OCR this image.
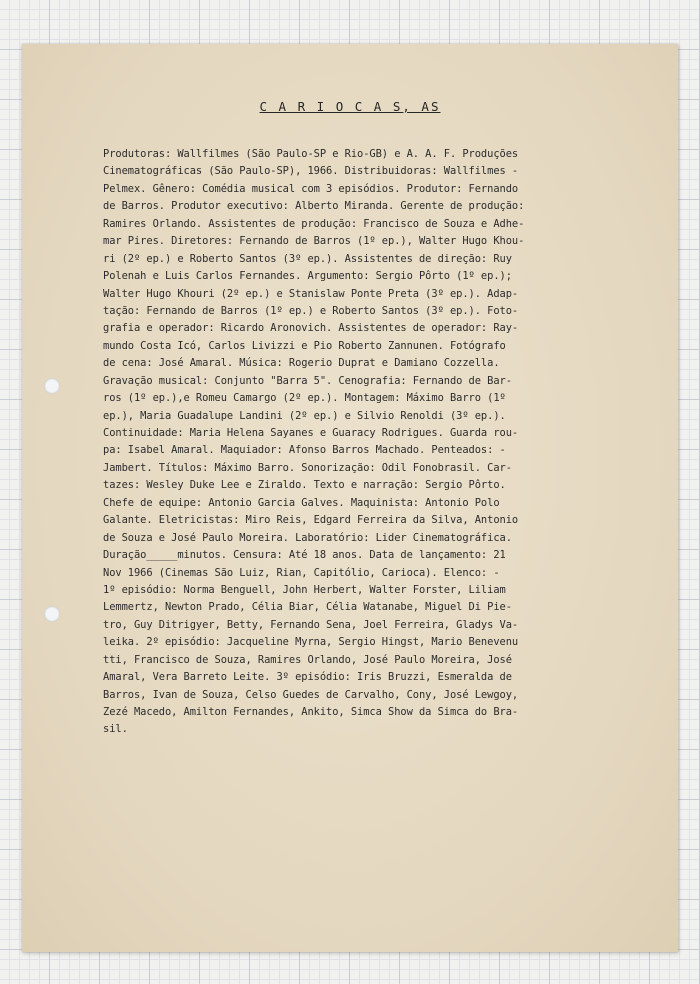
C A R I O C A S, AS
Produtoras: Wallfilmes (São Paulo-SP e Rio-GB) e A. A. F. Produções
Cinematográficas (São Paulo-SP), 1966. Distribuidoras: Wallfilmes -
Pelmex. Gênero: Comédia musical com 3 episódios. Produtor: Fernando
de Barros. Produtor executivo: Alberto Miranda. Gerente de produção:
Ramires Orlando. Assistentes de produção: Francisco de Souza e Adhe-
mar Pires. Diretores: Fernando de Barros (1º ep.), Walter Hugo Khou-
ri (2º ep.) e Roberto Santos (3º ep.). Assistentes de direção: Ruy
Polenah e Luis Carlos Fernandes. Argumento: Sergio Pôrto (1º ep.);
Walter Hugo Khouri (2º ep.) e Stanislaw Ponte Preta (3º ep.). Adap-
tação: Fernando de Barros (1º ep.) e Roberto Santos (3º ep.). Foto-
grafia e operador: Ricardo Aronovich. Assistentes de operador: Ray-
mundo Costa Icó, Carlos Livizzi e Pio Roberto Zannunen. Fotógrafo
de cena: José Amaral. Música: Rogerio Duprat e Damiano Cozzella.
Gravação musical: Conjunto "Barra 5". Cenografia: Fernando de Bar-
ros (1º ep.),e Romeu Camargo (2º ep.). Montagem: Máximo Barro (1º
ep.), Maria Guadalupe Landini (2º ep.) e Silvio Renoldi (3º ep.).
Continuidade: Maria Helena Sayanes e Guaracy Rodrigues. Guarda rou-
pa: Isabel Amaral. Maquiador: Afonso Barros Machado. Penteados: -
Jambert. Títulos: Máximo Barro. Sonorização: Odil Fonobrasil. Car-
tazes: Wesley Duke Lee e Ziraldo. Texto e narração: Sergio Pôrto.
Chefe de equipe: Antonio Garcia Galves. Maquinista: Antonio Polo
Galante. Eletricistas: Miro Reis, Edgard Ferreira da Silva, Antonio
de Souza e José Paulo Moreira. Laboratório: Lider Cinematográfica.
Duração_____minutos. Censura: Até 18 anos. Data de lançamento: 21
Nov 1966 (Cinemas São Luiz, Rian, Capitólio, Carioca). Elenco: -
1º episódio: Norma Benguell, John Herbert, Walter Forster, Liliam
Lemmertz, Newton Prado, Célia Biar, Célia Watanabe, Miguel Di Pie-
tro, Guy Ditrigyer, Betty, Fernando Sena, Joel Ferreira, Gladys Va-
leika. 2º episódio: Jacqueline Myrna, Sergio Hingst, Mario Benevenu
tti, Francisco de Souza, Ramires Orlando, José Paulo Moreira, José
Amaral, Vera Barreto Leite. 3º episódio: Iris Bruzzi, Esmeralda de
Barros, Ivan de Souza, Celso Guedes de Carvalho, Cony, José Lewgoy,
Zezé Macedo, Amilton Fernandes, Ankito, Simca Show da Simca do Bra-
sil.
